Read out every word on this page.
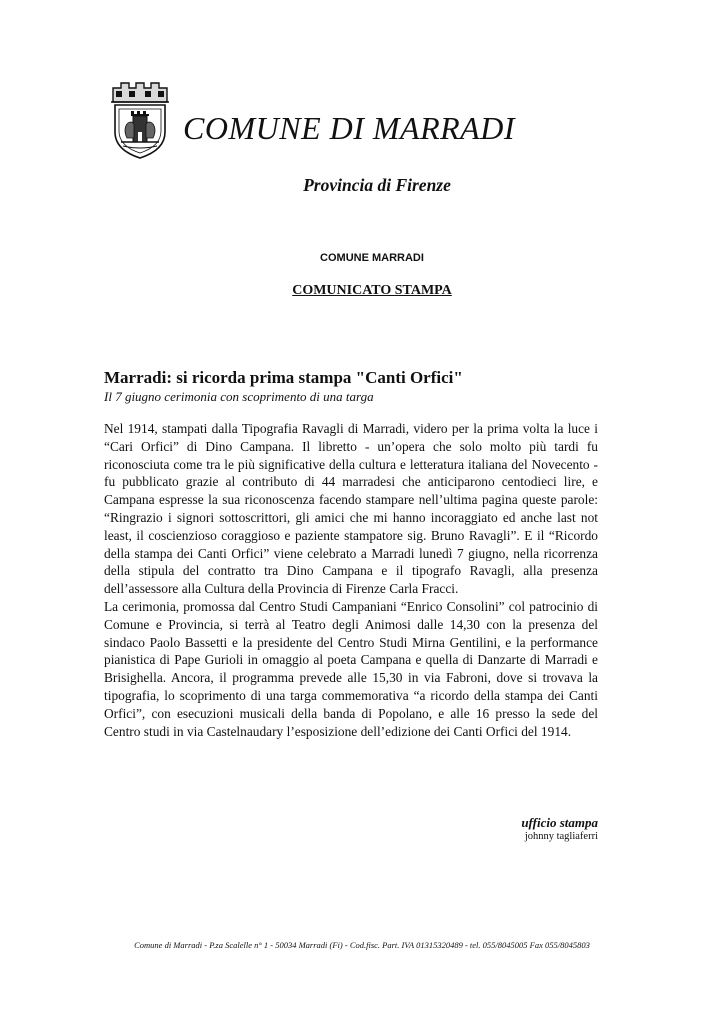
COMUNE DI MARRADI
Provincia di Firenze
COMUNE MARRADI
COMUNICATO STAMPA
Marradi: si ricorda prima stampa "Canti Orfici"
Il 7 giugno cerimonia con scoprimento di una targa

Nel 1914, stampati dalla Tipografia Ravagli di Marradi, videro per la prima volta la luce i “Cari Orfici” di Dino Campana. Il libretto - un’opera che solo molto più tardi fu riconosciuta come tra le più significative della cultura e letteratura italiana del Novecento - fu pubblicato grazie al contributo di 44 marradesi che anticiparono centodieci lire, e Campana espresse la sua riconoscenza facendo stampare nell’ultima pagina queste parole: “Ringrazio i signori sottoscrittori, gli amici che mi hanno incoraggiato ed anche last not least, il coscienzioso coraggioso e paziente stampatore sig. Bruno Ravagli”. E il “Ricordo della stampa dei Canti Orfici” viene celebrato a Marradi lunedì 7 giugno, nella ricorrenza della stipula del contratto tra Dino Campana e il tipografo Ravagli, alla presenza dell’assessore alla Cultura della Provincia di Firenze Carla Fracci.

La cerimonia, promossa dal Centro Studi Campaniani “Enrico Consolini” col patrocinio di Comune e Provincia, si terrà al Teatro degli Animosi dalle 14,30 con la presenza del sindaco Paolo Bassetti e la presidente del Centro Studi Mirna Gentilini, e la performance pianistica di Pape Gurioli in omaggio al poeta Campana e quella di Danzarte di Marradi e Brisighella. Ancora, il programma prevede alle 15,30 in via Fabroni, dove si trovava la tipografia, lo scoprimento di una targa commemorativa “a ricordo della stampa dei Canti Orfici”, con esecuzioni musicali della banda di Popolano, e alle 16 presso la sede del Centro studi in via Castelnaudary l’esposizione dell’edizione dei Canti Orfici del 1914.

ufficio stampa
johnny tagliaferri
Comune di Marradi - P.za Scalelle n° 1 - 50034 Marradi (Fi) - Cod.fisc. Part. IVA 01315320489 - tel. 055/8045005 Fax 055/8045803
